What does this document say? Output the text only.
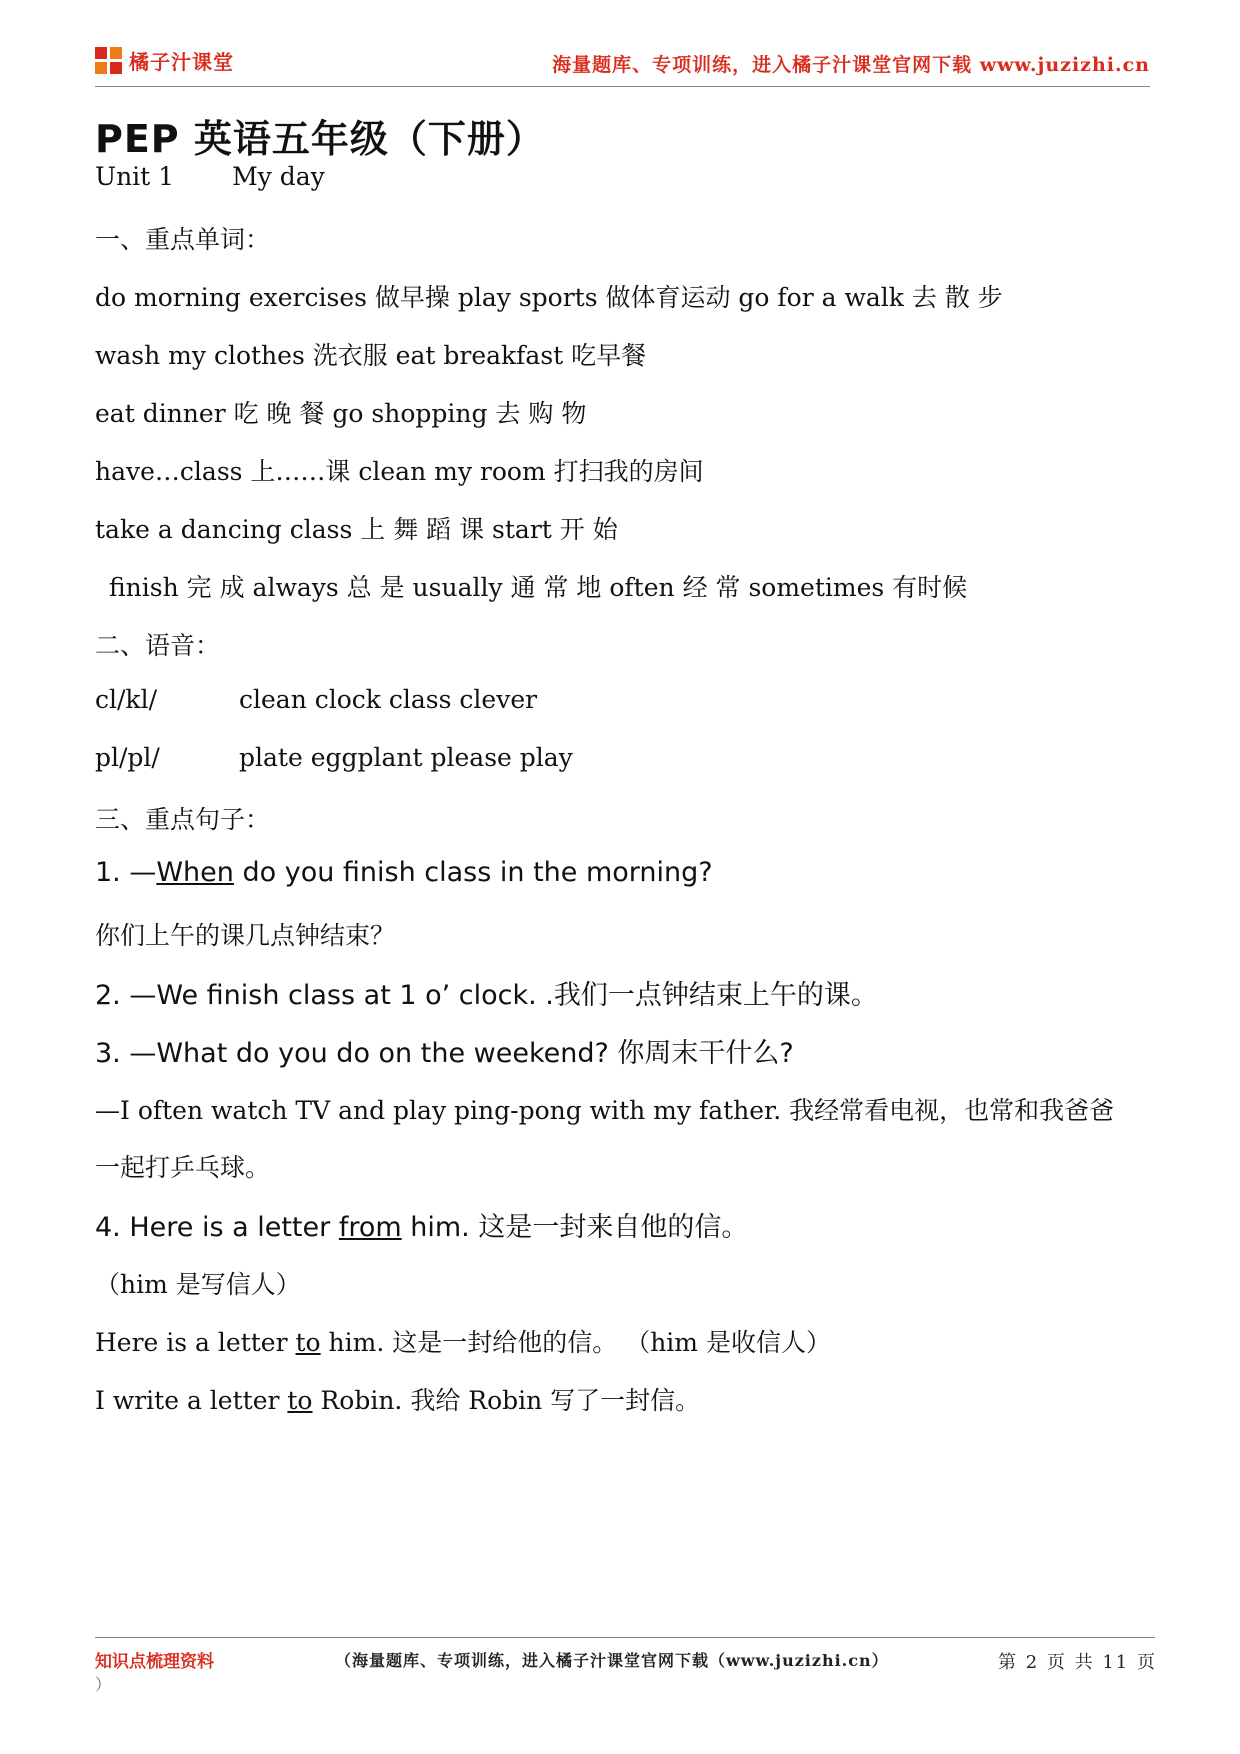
橘子汁课堂	海量题库、专项训练，进入橘子汁课堂官网下载 www.juzizhi.cn
PEP 英语五年级（下册）
Unit 1 My day
一、重点单词：
do morning exercises 做早操 play sports 做体育运动 go for a walk 去 散 步
wash my clothes 洗衣服 eat breakfast 吃早餐
eat dinner 吃 晚 餐 go shopping 去 购 物
have…class 上……课 clean my room 打扫我的房间
take a dancing class 上 舞 蹈 课 start 开 始
finish 完 成 always 总 是 usually 通 常 地 often 经 常 sometimes 有时候
二、语音：
cl/kl/	clean clock class clever
pl/pl/	plate eggplant please play
三、重点句子：
1. —When do you finish class in the morning?
你们上午的课几点钟结束？
2. —We finish class at 1 o’ clock. .我们一点钟结束上午的课。
3. —What do you do on the weekend? 你周末干什么?
—I often watch TV and play ping-pong with my father. 我经常看电视，也常和我爸爸
一起打乒乓球。
4. Here is a letter from him. 这是一封来自他的信。
（him 是写信人）
Here is a letter to him. 这是一封给他的信。 （him 是收信人）
I write a letter to Robin. 我给 Robin 写了一封信。
知识点梳理资料	（海量题库、专项训练，进入橘子汁课堂官网下载（www.juzizhi.cn）	第 2 页 共 11 页
）
